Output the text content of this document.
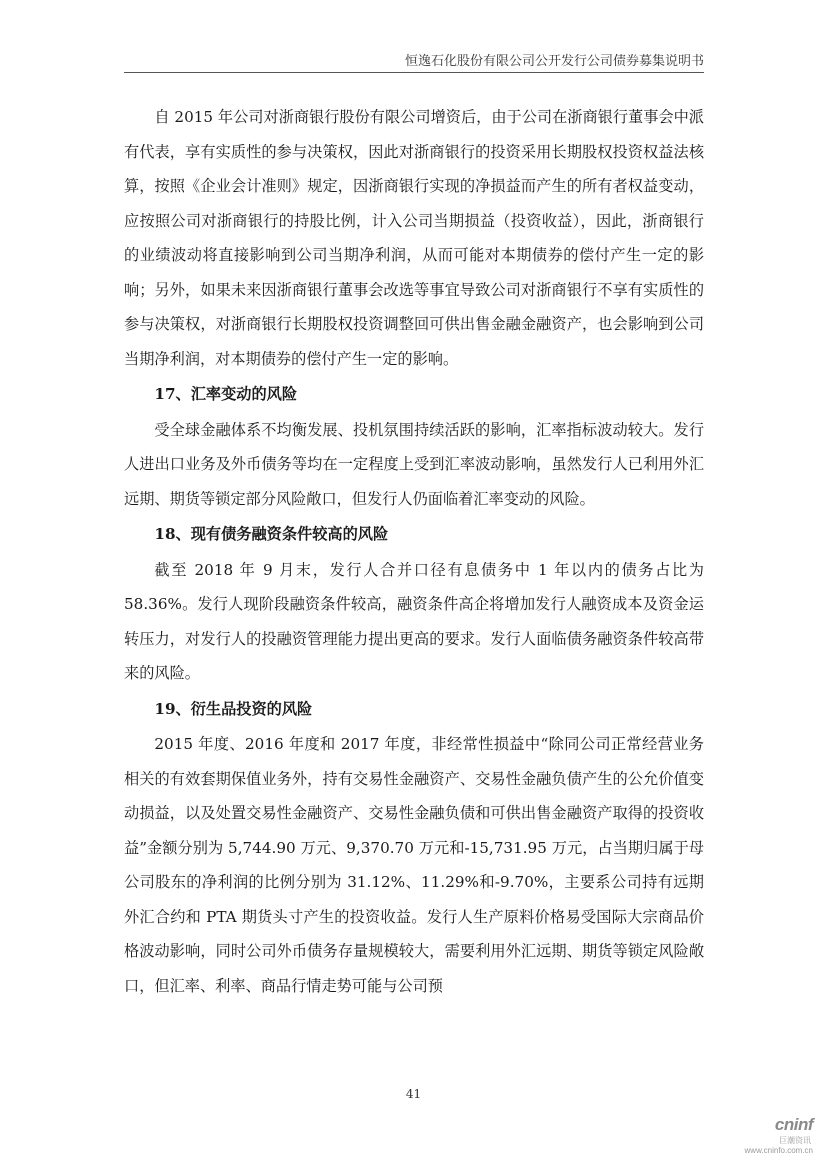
恒逸石化股份有限公司公开发行公司债券募集说明书

自 2015 年公司对浙商银行股份有限公司增资后，由于公司在浙商银行董事会中派有代表，享有实质性的参与决策权，因此对浙商银行的投资采用长期股权投资权益法核算，按照《企业会计准则》规定，因浙商银行实现的净损益而产生的所有者权益变动，应按照公司对浙商银行的持股比例，计入公司当期损益（投资收益），因此，浙商银行的业绩波动将直接影响到公司当期净利润，从而可能对本期债券的偿付产生一定的影响；另外，如果未来因浙商银行董事会改选等事宜导致公司对浙商银行不享有实质性的参与决策权，对浙商银行长期股权投资调整回可供出售金融金融资产，也会影响到公司当期净利润，对本期债券的偿付产生一定的影响。

17、汇率变动的风险

受全球金融体系不均衡发展、投机氛围持续活跃的影响，汇率指标波动较大。发行人进出口业务及外币债务等均在一定程度上受到汇率波动影响，虽然发行人已利用外汇远期、期货等锁定部分风险敞口，但发行人仍面临着汇率变动的风险。

18、现有债务融资条件较高的风险

截至 2018 年 9 月末，发行人合并口径有息债务中 1 年以内的债务占比为 58.36%。发行人现阶段融资条件较高，融资条件高企将增加发行人融资成本及资金运转压力，对发行人的投融资管理能力提出更高的要求。发行人面临债务融资条件较高带来的风险。

19、衍生品投资的风险

2015 年度、2016 年度和 2017 年度，非经常性损益中“除同公司正常经营业务相关的有效套期保值业务外，持有交易性金融资产、交易性金融负债产生的公允价值变动损益，以及处置交易性金融资产、交易性金融负债和可供出售金融资产取得的投资收益”金额分别为 5,744.90 万元、9,370.70 万元和-15,731.95 万元，占当期归属于母公司股东的净利润的比例分别为 31.12%、11.29%和-9.70%，主要系公司持有远期外汇合约和 PTA 期货头寸产生的投资收益。发行人生产原料价格易受国际大宗商品价格波动影响，同时公司外币债务存量规模较大，需要利用外汇远期、期货等锁定风险敞口，但汇率、利率、商品行情走势可能与公司预

41
cninf
巨潮资讯
www.cninfo.com.cn
